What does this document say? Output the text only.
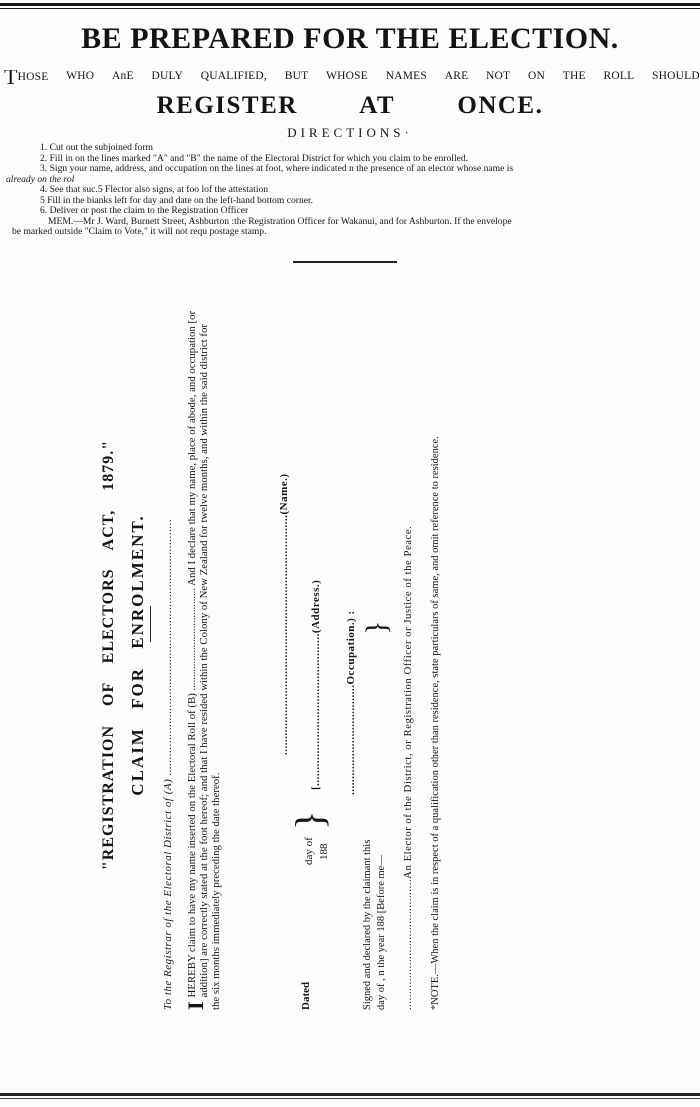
BE PREPARED FOR THE ELECTION.
THOSE WHO AnE DULY QUALIFIED, BUT WHOSE NAMES ARE NOT ON THE ROLL SHOULD
REGISTER AT ONCE.
DIRECTIONS·
1. Cut out the subjoined form
2. Fill in on the lines marked "A" and "B" the name of the Electoral District for which you claim to be enrolled.
3. Sign your name, address, and occupation on the lines at foot, where indicated n the presence of an elector whose name is
already on the rol
4. See that suc.5 Flector also signs, at foo lof the attestation
5 Fill in the bianks left for day and date on the left-hand bottom corner.
6. Deliver or post the claim to the Registration Officer
MEM.—Mr J. Ward, Burnett Street, Ashburton :the Registration Officer for Wakanui, and for Ashburton. If the envelope
be marked outside "Claim to Vote," it will not requ postage stamp.
"REGISTRATION OF ELECTORS ACT, 1879." CLAIM FOR ENROLMENT. To the Registrar of the Electoral District of (A) ............................................................................... I
HEREBY claim to have my name inserted on the Electoral Roll of (B) ...................................... And I declare that my name, place of abode, and occupation [or addition] are correctly stated at the foot hereof; and that I have resided within the Colony of New Zealand for twelve months, and within the said district for the six months immediately preceding the date thereof.
..........................................................................(Name.)
Dated
day of 188
}
[...............................................(Address.) ..................................Occupation.) :
Signed and declared by the claimant this day of , n the year 188 [Before me—
} .........................................An Elector of the District, or Registration Officer or Justice of the Peace. *NOTE.—When the claim is in respect of a qualification other than residence, state particulars of same, and omit reference to residence.
